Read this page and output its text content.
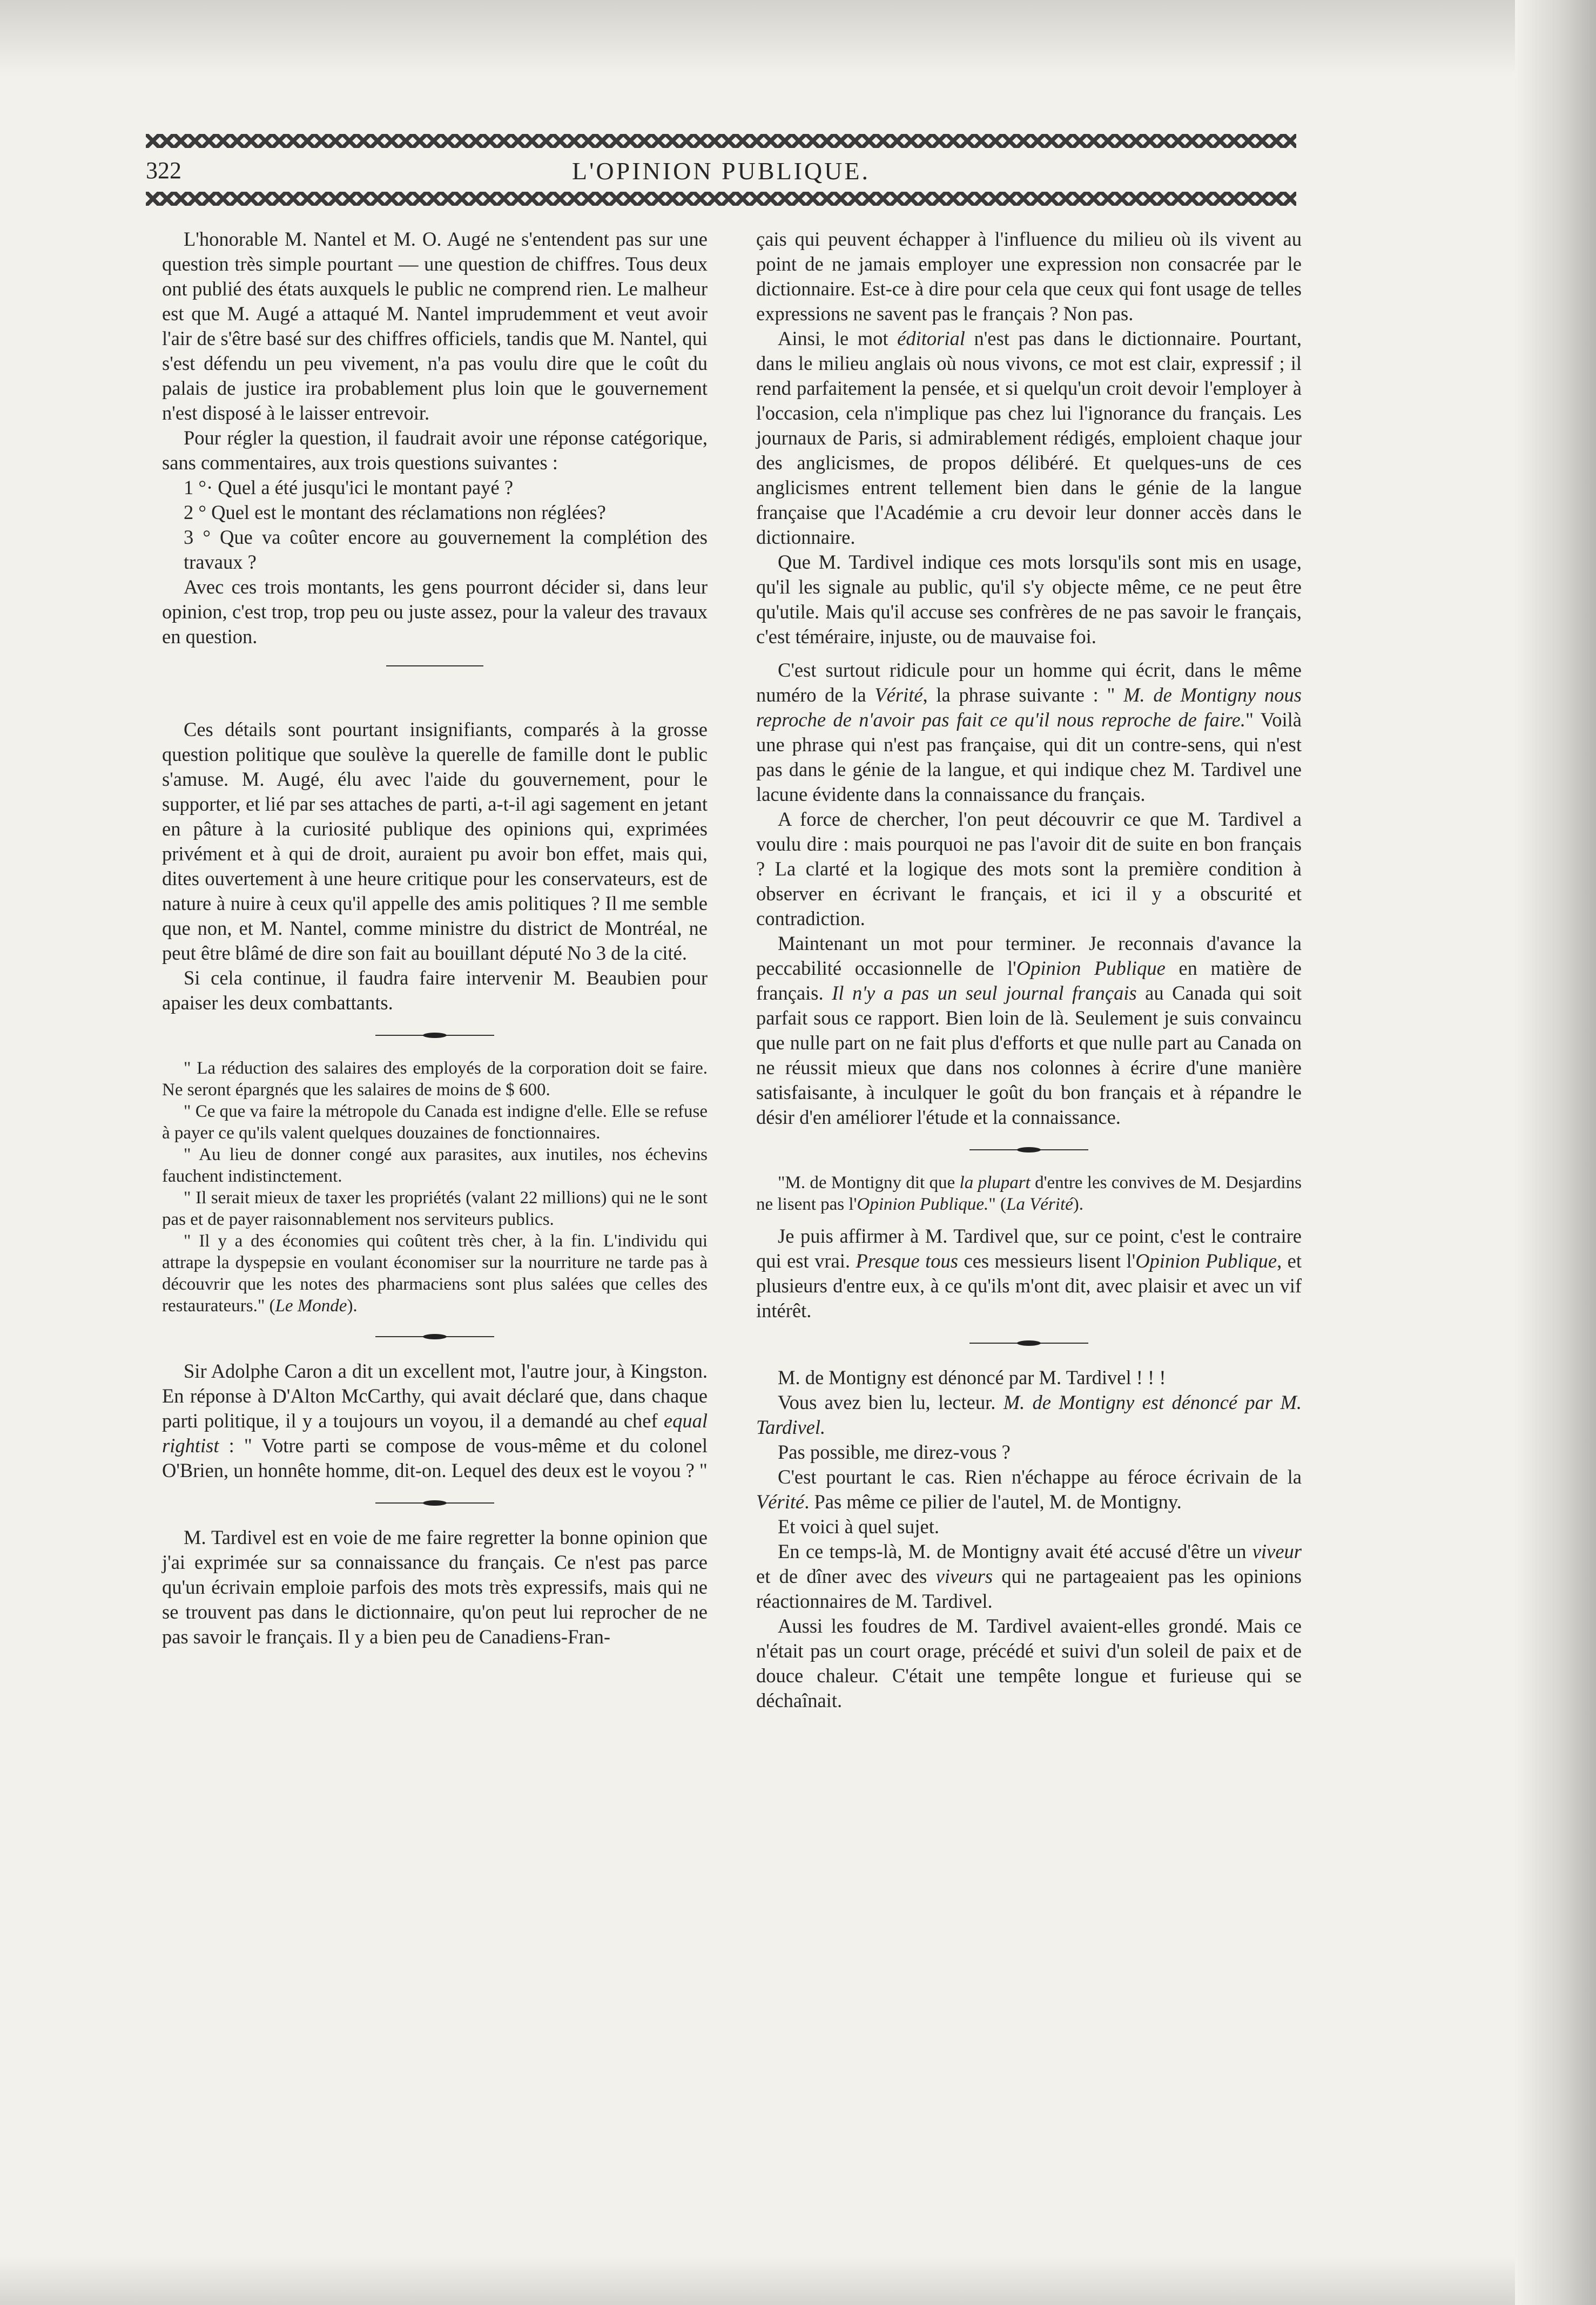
322	L'OPINION PUBLIQUE.

L'honorable M. Nantel et M. O. Augé ne s'entendent pas sur une question très simple pourtant — une question de chiffres. Tous deux ont publié des états auxquels le public ne comprend rien. Le malheur est que M. Augé a attaqué M. Nantel imprudemment et veut avoir l'air de s'être basé sur des chiffres officiels, tandis que M. Nantel, qui s'est défendu un peu vivement, n'a pas voulu dire que le coût du palais de justice ira probablement plus loin que le gouvernement n'est disposé à le laisser entrevoir.

Pour régler la question, il faudrait avoir une réponse catégorique, sans commentaires, aux trois questions suivantes :

1 °· Quel a été jusqu'ici le montant payé ?
2 ° Quel est le montant des réclamations non réglées?
3 ° Que va coûter encore au gouvernement la complétion des travaux ?

Avec ces trois montants, les gens pourront décider si, dans leur opinion, c'est trop, trop peu ou juste assez, pour la valeur des travaux en question.

Ces détails sont pourtant insignifiants, comparés à la grosse question politique que soulève la querelle de famille dont le public s'amuse. M. Augé, élu avec l'aide du gouvernement, pour le supporter, et lié par ses attaches de parti, a-t-il agi sagement en jetant en pâture à la curiosité publique des opinions qui, exprimées privément et à qui de droit, auraient pu avoir bon effet, mais qui, dites ouvertement à une heure critique pour les conservateurs, est de nature à nuire à ceux qu'il appelle des amis politiques ? Il me semble que non, et M. Nantel, comme ministre du district de Montréal, ne peut être blâmé de dire son fait au bouillant député No 3 de la cité.

Si cela continue, il faudra faire intervenir M. Beaubien pour apaiser les deux combattants.

" La réduction des salaires des employés de la corporation doit se faire. Ne seront épargnés que les salaires de moins de $ 600.

" Ce que va faire la métropole du Canada est indigne d'elle. Elle se refuse à payer ce qu'ils valent quelques douzaines de fonctionnaires.

" Au lieu de donner congé aux parasites, aux inutiles, nos échevins fauchent indistinctement.

" Il serait mieux de taxer les propriétés (valant 22 millions) qui ne le sont pas et de payer raisonnablement nos serviteurs publics.

" Il y a des économies qui coûtent très cher, à la fin. L'individu qui attrape la dyspepsie en voulant économiser sur la nourriture ne tarde pas à découvrir que les notes des pharmaciens sont plus salées que celles des restaurateurs." (Le Monde).

Sir Adolphe Caron a dit un excellent mot, l'autre jour, à Kingston. En réponse à D'Alton McCarthy, qui avait déclaré que, dans chaque parti politique, il y a toujours un voyou, il a demandé au chef equal rightist : " Votre parti se compose de vous-même et du colonel O'Brien, un honnête homme, dit-on. Lequel des deux est le voyou ? "

M. Tardivel est en voie de me faire regretter la bonne opinion que j'ai exprimée sur sa connaissance du français. Ce n'est pas parce qu'un écrivain emploie parfois des mots très expressifs, mais qui ne se trouvent pas dans le dictionnaire, qu'on peut lui reprocher de ne pas savoir le français. Il y a bien peu de Canadiens-Fran-

çais qui peuvent échapper à l'influence du milieu où ils vivent au point de ne jamais employer une expression non consacrée par le dictionnaire. Est-ce à dire pour cela que ceux qui font usage de telles expressions ne savent pas le français ? Non pas.

Ainsi, le mot éditorial n'est pas dans le dictionnaire. Pourtant, dans le milieu anglais où nous vivons, ce mot est clair, expressif ; il rend parfaitement la pensée, et si quelqu'un croit devoir l'employer à l'occasion, cela n'implique pas chez lui l'ignorance du français. Les journaux de Paris, si admirablement rédigés, emploient chaque jour des anglicismes, de propos délibéré. Et quelques-uns de ces anglicismes entrent tellement bien dans le génie de la langue française que l'Académie a cru devoir leur donner accès dans le dictionnaire.

Que M. Tardivel indique ces mots lorsqu'ils sont mis en usage, qu'il les signale au public, qu'il s'y objecte même, ce ne peut être qu'utile. Mais qu'il accuse ses confrères de ne pas savoir le français, c'est téméraire, injuste, ou de mauvaise foi.

C'est surtout ridicule pour un homme qui écrit, dans le même numéro de la Vérité, la phrase suivante : " M. de Montigny nous reproche de n'avoir pas fait ce qu'il nous reproche de faire." Voilà une phrase qui n'est pas française, qui dit un contre-sens, qui n'est pas dans le génie de la langue, et qui indique chez M. Tardivel une lacune évidente dans la connaissance du français.

A force de chercher, l'on peut découvrir ce que M. Tardivel a voulu dire : mais pourquoi ne pas l'avoir dit de suite en bon français ? La clarté et la logique des mots sont la première condition à observer en écrivant le français, et ici il y a obscurité et contradiction.

Maintenant un mot pour terminer. Je reconnais d'avance la peccabilité occasionnelle de l'Opinion Publique en matière de français. Il n'y a pas un seul journal français au Canada qui soit parfait sous ce rapport. Bien loin de là. Seulement je suis convaincu que nulle part on ne fait plus d'efforts et que nulle part au Canada on ne réussit mieux que dans nos colonnes à écrire d'une manière satisfaisante, à inculquer le goût du bon français et à répandre le désir d'en améliorer l'étude et la connaissance.

"M. de Montigny dit que la plupart d'entre les convives de M. Desjardins ne lisent pas l'Opinion Publique." (La Vérité).

Je puis affirmer à M. Tardivel que, sur ce point, c'est le contraire qui est vrai. Presque tous ces messieurs lisent l'Opinion Publique, et plusieurs d'entre eux, à ce qu'ils m'ont dit, avec plaisir et avec un vif intérêt.

M. de Montigny est dénoncé par M. Tardivel ! ! !

Vous avez bien lu, lecteur. M. de Montigny est dénoncé par M. Tardivel.

Pas possible, me direz-vous ?

C'est pourtant le cas. Rien n'échappe au féroce écrivain de la Vérité. Pas même ce pilier de l'autel, M. de Montigny.

Et voici à quel sujet.

En ce temps-là, M. de Montigny avait été accusé d'être un viveur et de dîner avec des viveurs qui ne partageaient pas les opinions réactionnaires de M. Tardivel.

Aussi les foudres de M. Tardivel avaient-elles grondé. Mais ce n'était pas un court orage, précédé et suivi d'un soleil de paix et de douce chaleur. C'était une tempête longue et furieuse qui se déchaînait.
